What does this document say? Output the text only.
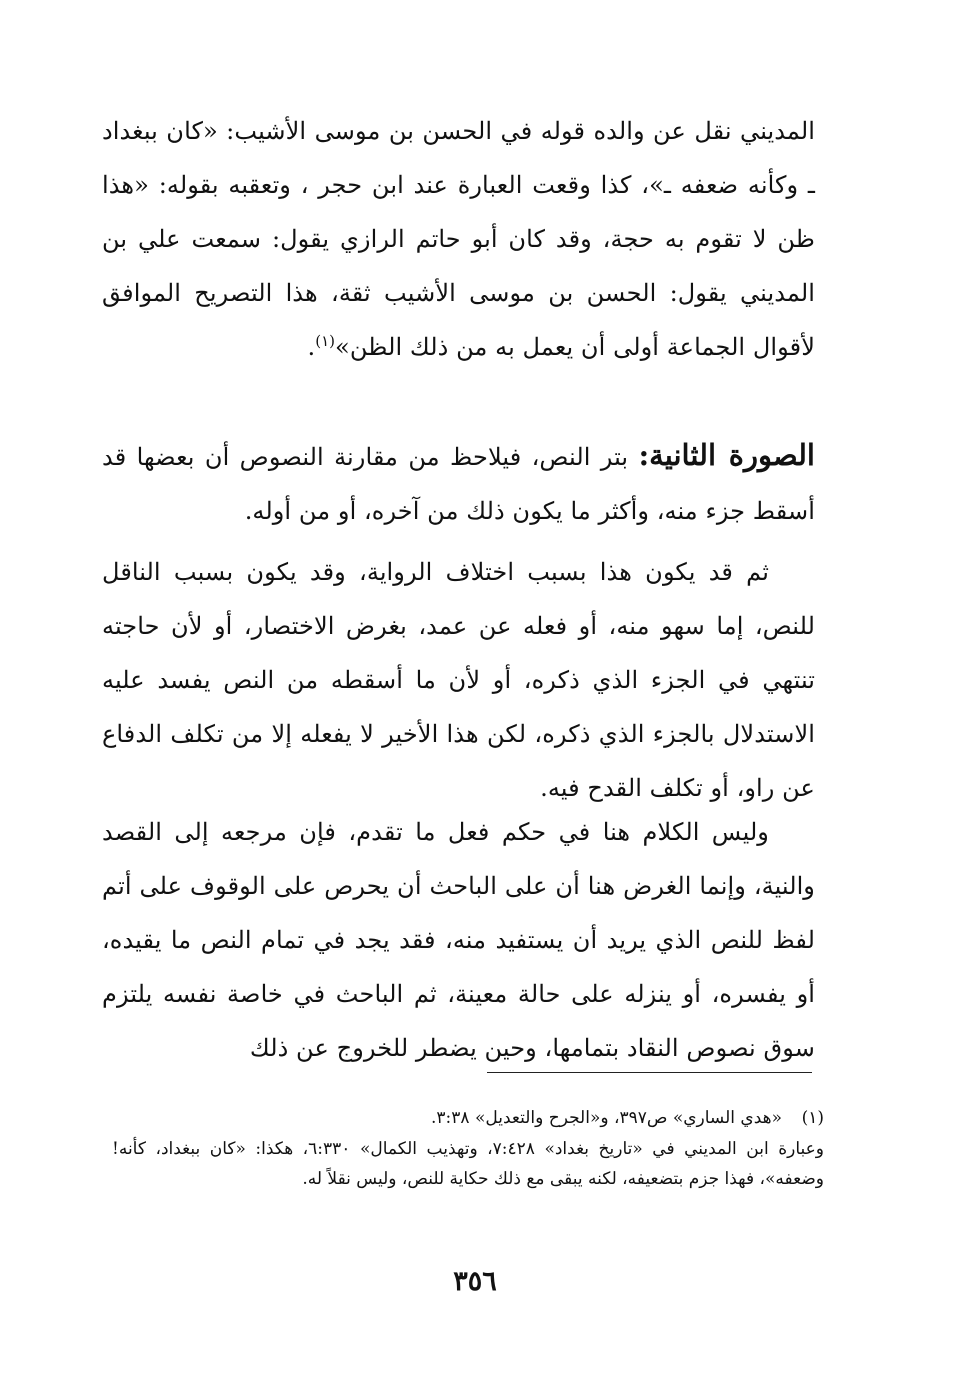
المديني نقل عن والده قوله في الحسن بن موسى الأشيب: «كان ببغداد ـ وكأنه ضعفه ـ»، كذا وقعت العبارة عند ابن حجر ، وتعقبه بقوله: «هذا ظن لا تقوم به حجة، وقد كان أبو حاتم الرازي يقول: سمعت علي بن المديني يقول: الحسن بن موسى الأشيب ثقة، هذا التصريح الموافق لأقوال الجماعة أولى أن يعمل به من ذلك الظن»$^{(١)}$.

الصورة الثانية: بتر النص، فيلاحظ من مقارنة النصوص أن بعضها قد أسقط جزء منه، وأكثر ما يكون ذلك من آخره، أو من أوله.

ثم قد يكون هذا بسبب اختلاف الرواية، وقد يكون بسبب الناقل للنص، إما سهو منه، أو فعله عن عمد، بغرض الاختصار، أو لأن حاجته تنتهي في الجزء الذي ذكره، أو لأن ما أسقطه من النص يفسد عليه الاستدلال بالجزء الذي ذكره، لكن هذا الأخير لا يفعله إلا من تكلف الدفاع عن راو، أو تكلف القدح فيه.

وليس الكلام هنا في حكم فعل ما تقدم، فإن مرجعه إلى القصد والنية، وإنما الغرض هنا أن على الباحث أن يحرص على الوقوف على أتم لفظ للنص الذي يريد أن يستفيد منه، فقد يجد في تمام النص ما يقيده، أو يفسره، أو ينزله على حالة معينة، ثم الباحث في خاصة نفسه يلتزم سوق نصوص النقاد بتمامها، وحين يضطر للخروج عن ذلك

(١)«هدي الساري» ص٣٩٧، و«الجرح والتعديل» ٣:٣٨.

وعبارة ابن المديني في «تاريخ بغداد» ٧:٤٢٨، وتهذيب الكمال» ٦:٣٣٠، هكذا: «كان ببغداد، كأنه! وضعفه»، فهذا جزم بتضعيفه، لكنه يبقى مع ذلك حكاية للنص، وليس نقلاً له.

٣٥٦
